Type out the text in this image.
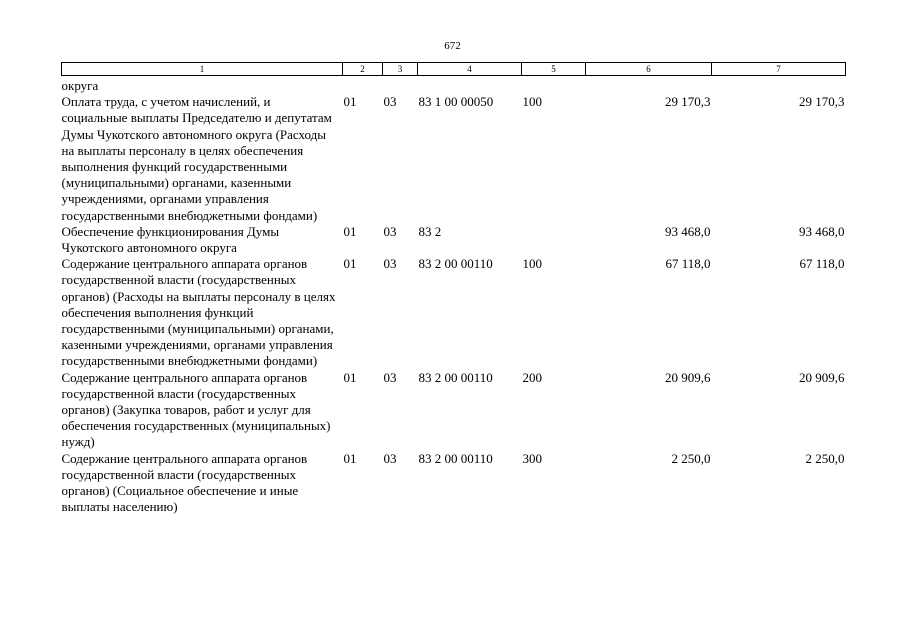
672
1	2	3	4	5	6	7
округа						
Оплата труда, с учетом начислений, и социальные выплаты Председателю и депутатам Думы Чукотского автономного округа (Расходы на выплаты персоналу в целях обеспечения выполнения функций государственными (муниципальными) органами, казенными учреждениями, органами управления государственными внебюджетными фондами)	01	03	83 1 00 00050	100	29 170,3	29 170,3
Обеспечение функционирования Думы Чукотского автономного округа	01	03	83 2		93 468,0	93 468,0
Содержание центрального аппарата органов государственной власти (государственных органов) (Расходы на выплаты персоналу в целях обеспечения выполнения функций государственными (муниципальными) органами, казенными учреждениями, органами управления государственными внебюджетными фондами)	01	03	83 2 00 00110	100	67 118,0	67 118,0
Содержание центрального аппарата органов государственной власти (государственных органов) (Закупка товаров, работ и услуг для обеспечения государственных (муниципальных) нужд)	01	03	83 2 00 00110	200	20 909,6	20 909,6
Содержание центрального аппарата органов государственной власти (государственных органов) (Социальное обеспечение и иные выплаты населению)	01	03	83 2 00 00110	300	2 250,0	2 250,0
